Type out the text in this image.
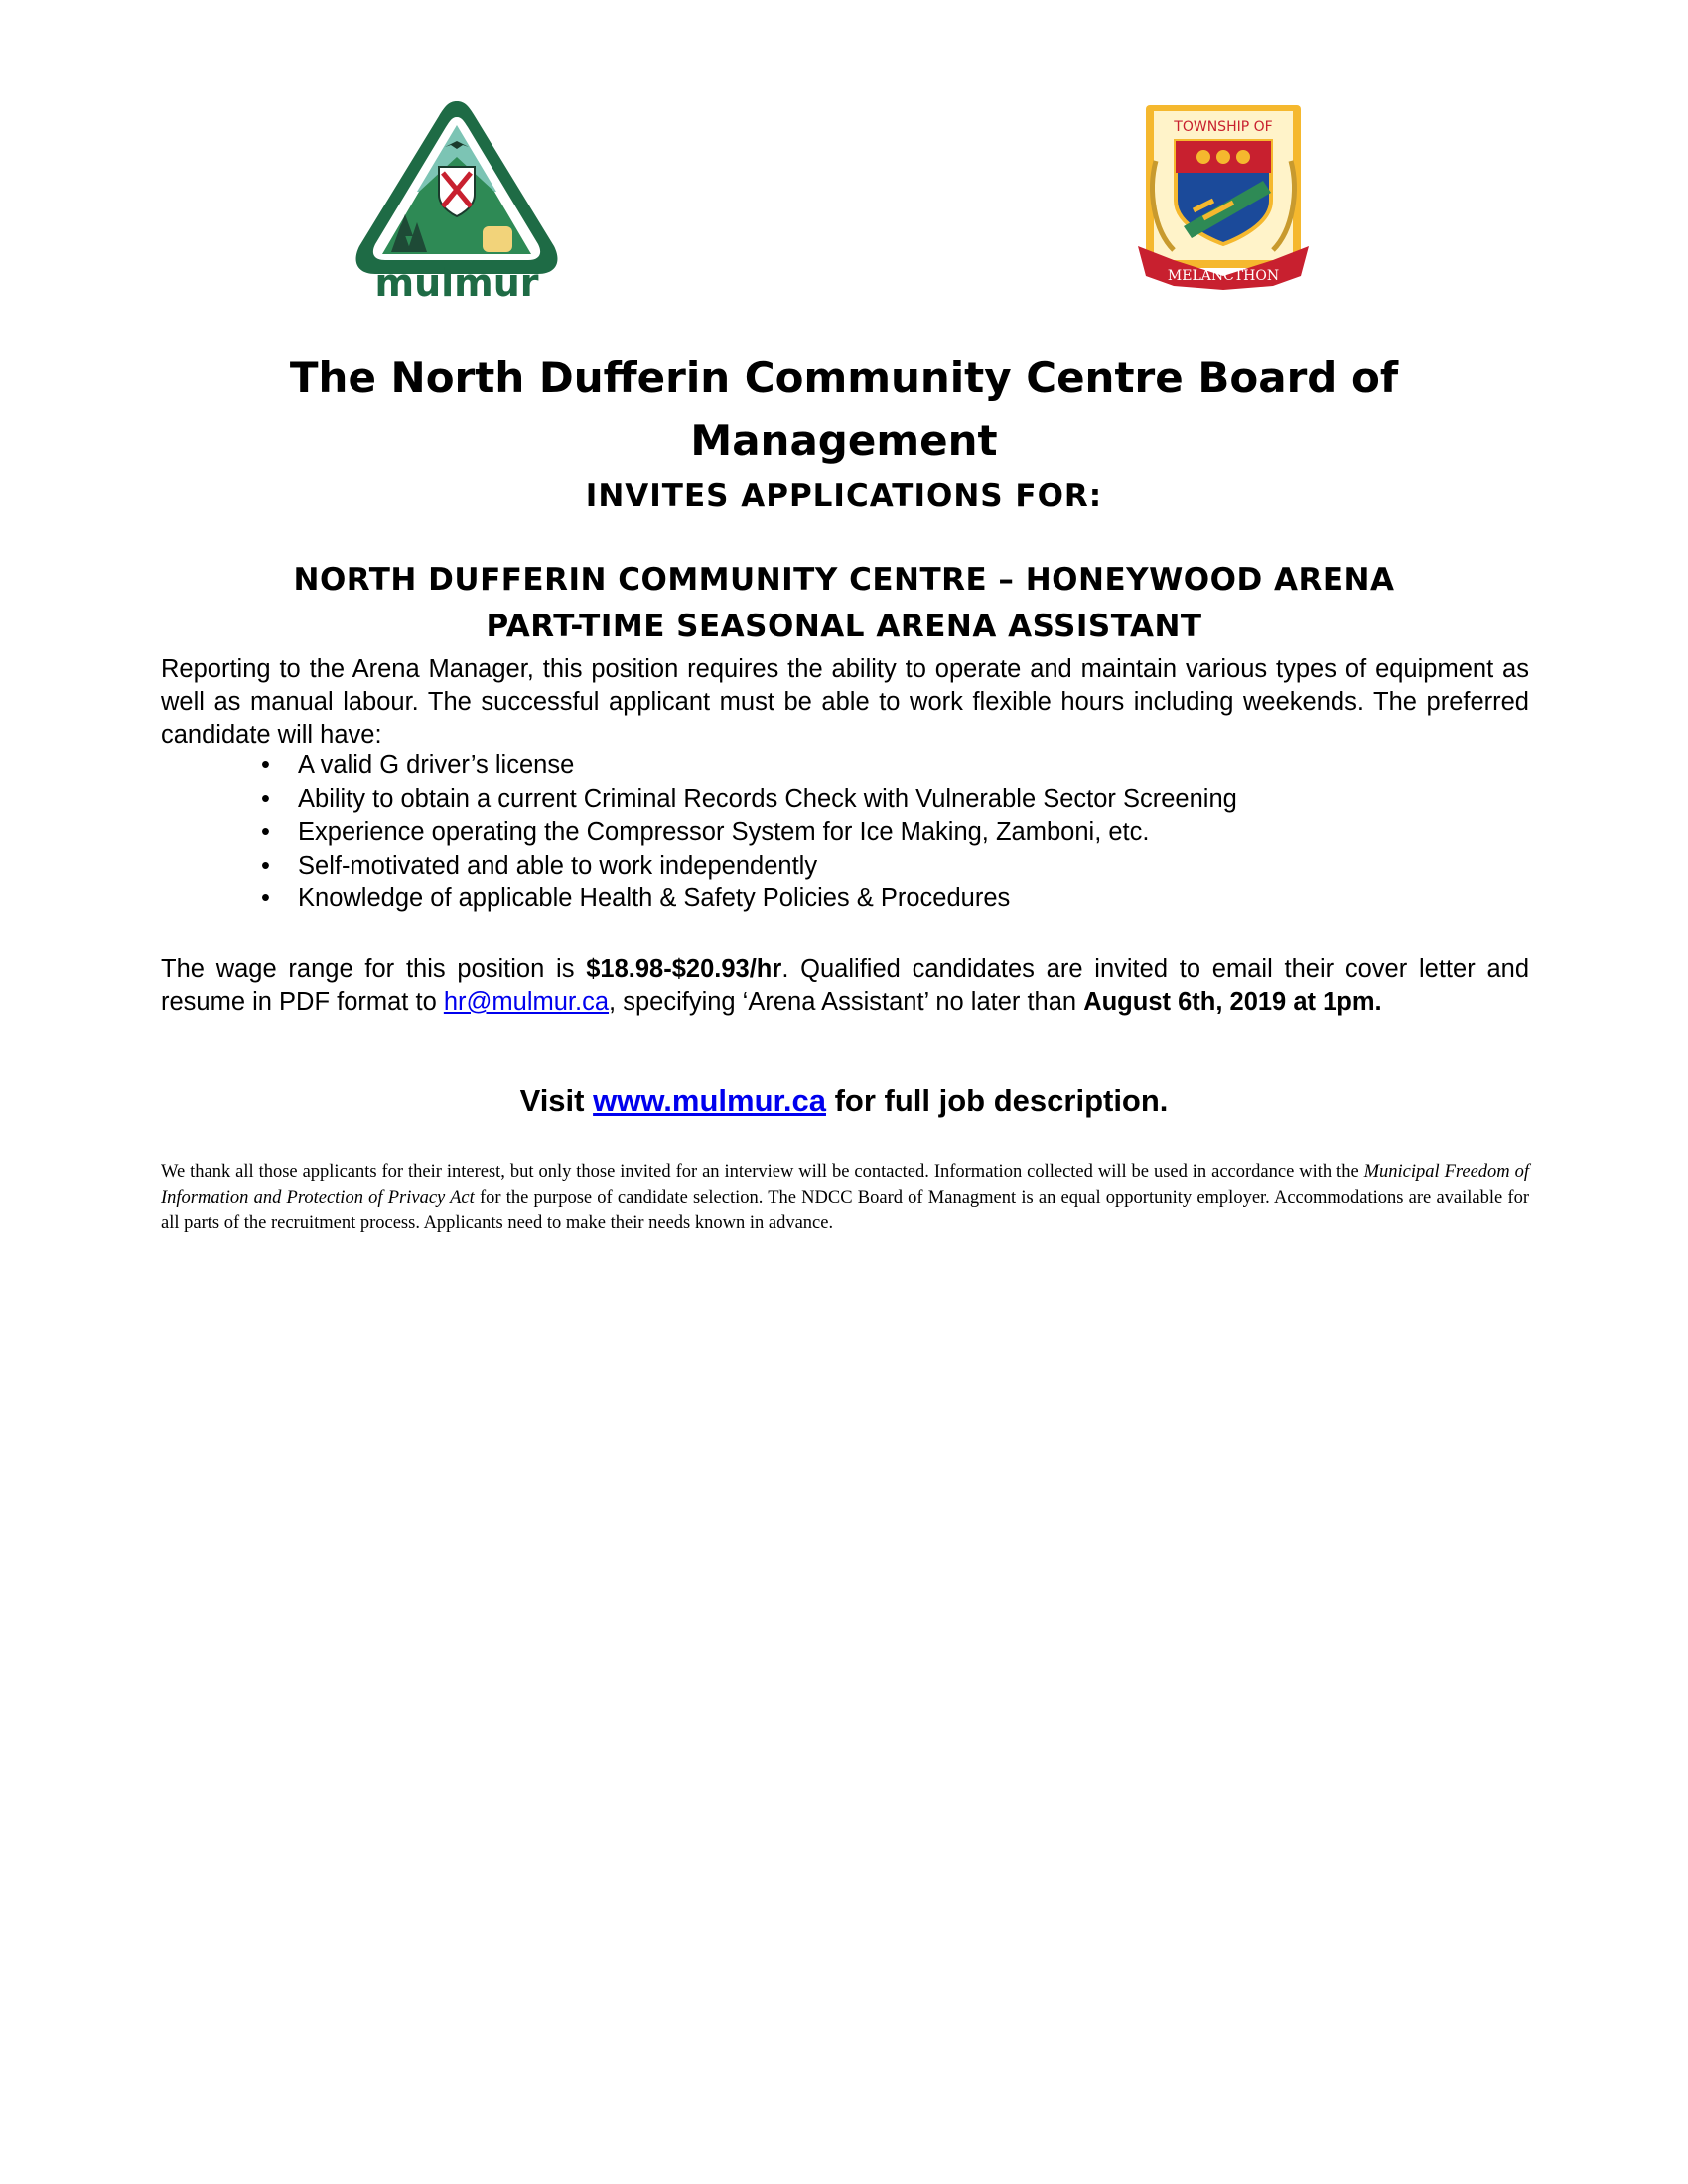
mulmur
TOWNSHIP OF
MELANCTHON
The North Dufferin Community Centre Board of
Management
INVITES APPLICATIONS FOR:
NORTH DUFFERIN COMMUNITY CENTRE – HONEYWOOD ARENA
PART-TIME SEASONAL ARENA ASSISTANT
Reporting to the Arena Manager, this position requires the ability to operate and maintain various types of equipment as well as manual labour. The successful applicant must be able to work flexible hours including weekends. The preferred candidate will have:
• A valid G driver’s license
• Ability to obtain a current Criminal Records Check with Vulnerable Sector Screening
• Experience operating the Compressor System for Ice Making, Zamboni, etc.
• Self-motivated and able to work independently
• Knowledge of applicable Health & Safety Policies & Procedures
The wage range for this position is $18.98-$20.93/hr. Qualified candidates are invited to email their cover letter and resume in PDF format to hr@mulmur.ca, specifying ‘Arena Assistant’ no later than August 6th, 2019 at 1pm.
Visit www.mulmur.ca for full job description.
We thank all those applicants for their interest, but only those invited for an interview will be contacted. Information collected will be used in accordance with the Municipal Freedom of Information and Protection of Privacy Act for the purpose of candidate selection. The NDCC Board of Managment is an equal opportunity employer. Accommodations are available for all parts of the recruitment process. Applicants need to make their needs known in advance.
